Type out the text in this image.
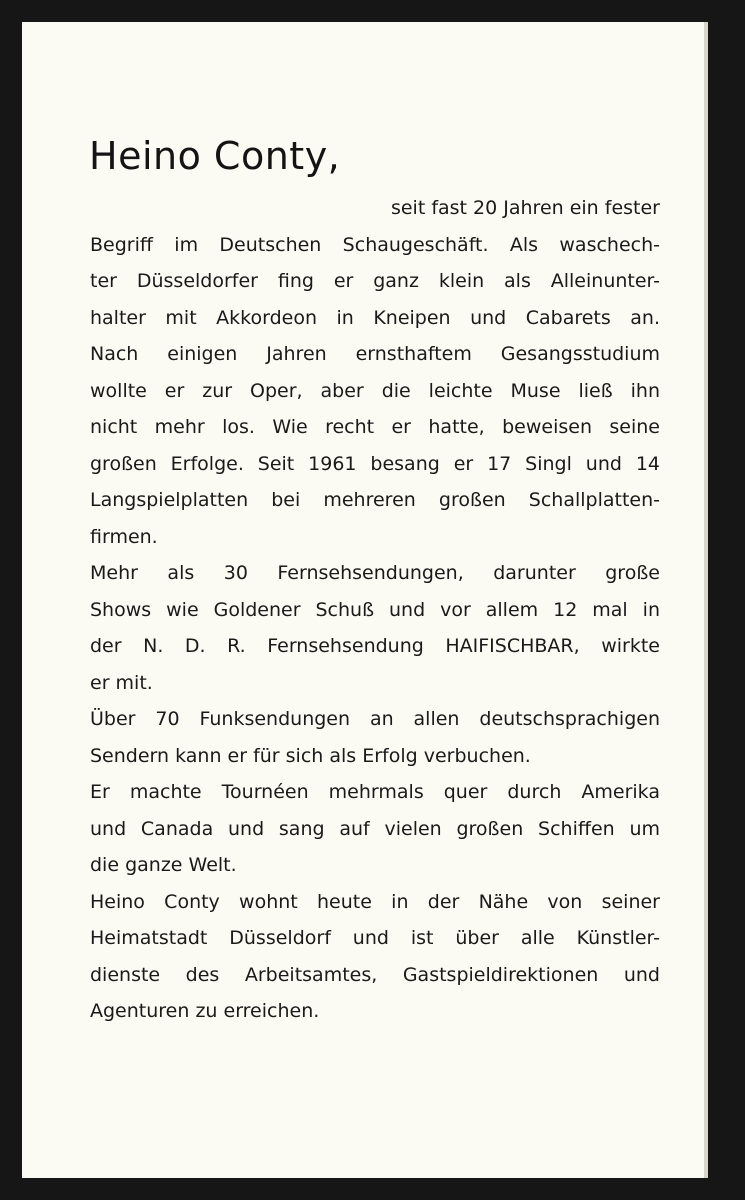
Heino Conty,
seit fast 20 Jahren ein fester
Begriff im Deutschen Schaugeschäft. Als waschech-
ter Düsseldorfer fing er ganz klein als Alleinunter-
halter mit Akkordeon in Kneipen und Cabarets an.
Nach einigen Jahren ernsthaftem Gesangsstudium
wollte er zur Oper, aber die leichte Muse ließ ihn
nicht mehr los. Wie recht er hatte, beweisen seine
großen Erfolge. Seit 1961 besang er 17 Singl und 14
Langspielplatten bei mehreren großen Schallplatten-
firmen.
Mehr als 30 Fernsehsendungen, darunter große
Shows wie Goldener Schuß und vor allem 12 mal in
der N. D. R. Fernsehsendung HAIFISCHBAR, wirkte
er mit.
Über 70 Funksendungen an allen deutschsprachigen
Sendern kann er für sich als Erfolg verbuchen.
Er machte Tournéen mehrmals quer durch Amerika
und Canada und sang auf vielen großen Schiffen um
die ganze Welt.
Heino Conty wohnt heute in der Nähe von seiner
Heimatstadt Düsseldorf und ist über alle Künstler-
dienste des Arbeitsamtes, Gastspieldirektionen und
Agenturen zu erreichen.
